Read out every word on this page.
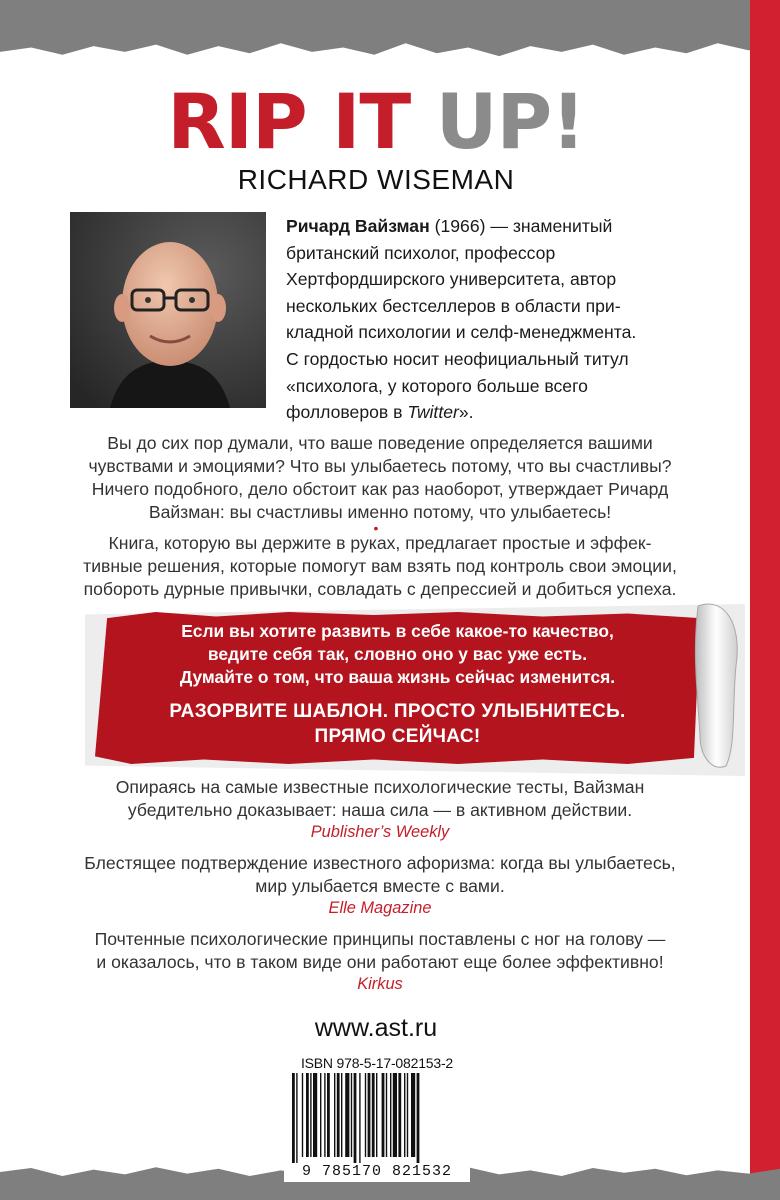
RIP IT UP!
RICHARD WISEMAN
Ричард Вайзман (1966) — знаменитый
британский психолог, профессор
Хертфордширского университета, автор
нескольких бестселлеров в области при-
кладной психологии и селф-менеджмента.
С гордостью носит неофициальный титул
«психолога, у которого больше всего
фолловеров в Twitter».
Вы до сих пор думали, что ваше поведение определяется вашими
чувствами и эмоциями? Что вы улыбаетесь потому, что вы счастливы?
Ничего подобного, дело обстоит как раз наоборот, утверждает Ричард
Вайзман: вы счастливы именно потому, что улыбаетесь!
•
Книга, которую вы держите в руках, предлагает простые и эффек-
тивные решения, которые помогут вам взять под контроль свои эмоции,
побороть дурные привычки, совладать с депрессией и добиться успеха.
Если вы хотите развить в себе какое-то качество,
ведите себя так, словно оно у вас уже есть.
Думайте о том, что ваша жизнь сейчас изменится.
РАЗОРВИТЕ ШАБЛОН. ПРОСТО УЛЫБНИТЕСЬ.
ПРЯМО СЕЙЧАС!
Опираясь на самые известные психологические тесты, Вайзман
убедительно доказывает: наша сила — в активном действии.
Publisher’s Weekly
Блестящее подтверждение известного афоризма: когда вы улыбаетесь,
мир улыбается вместе с вами.
Elle Magazine
Почтенные психологические принципы поставлены с ног на голову —
и оказалось, что в таком виде они работают еще более эффективно!
Kirkus
www.ast.ru
ISBN 978-5-17-082153-2
9 785170 821532
